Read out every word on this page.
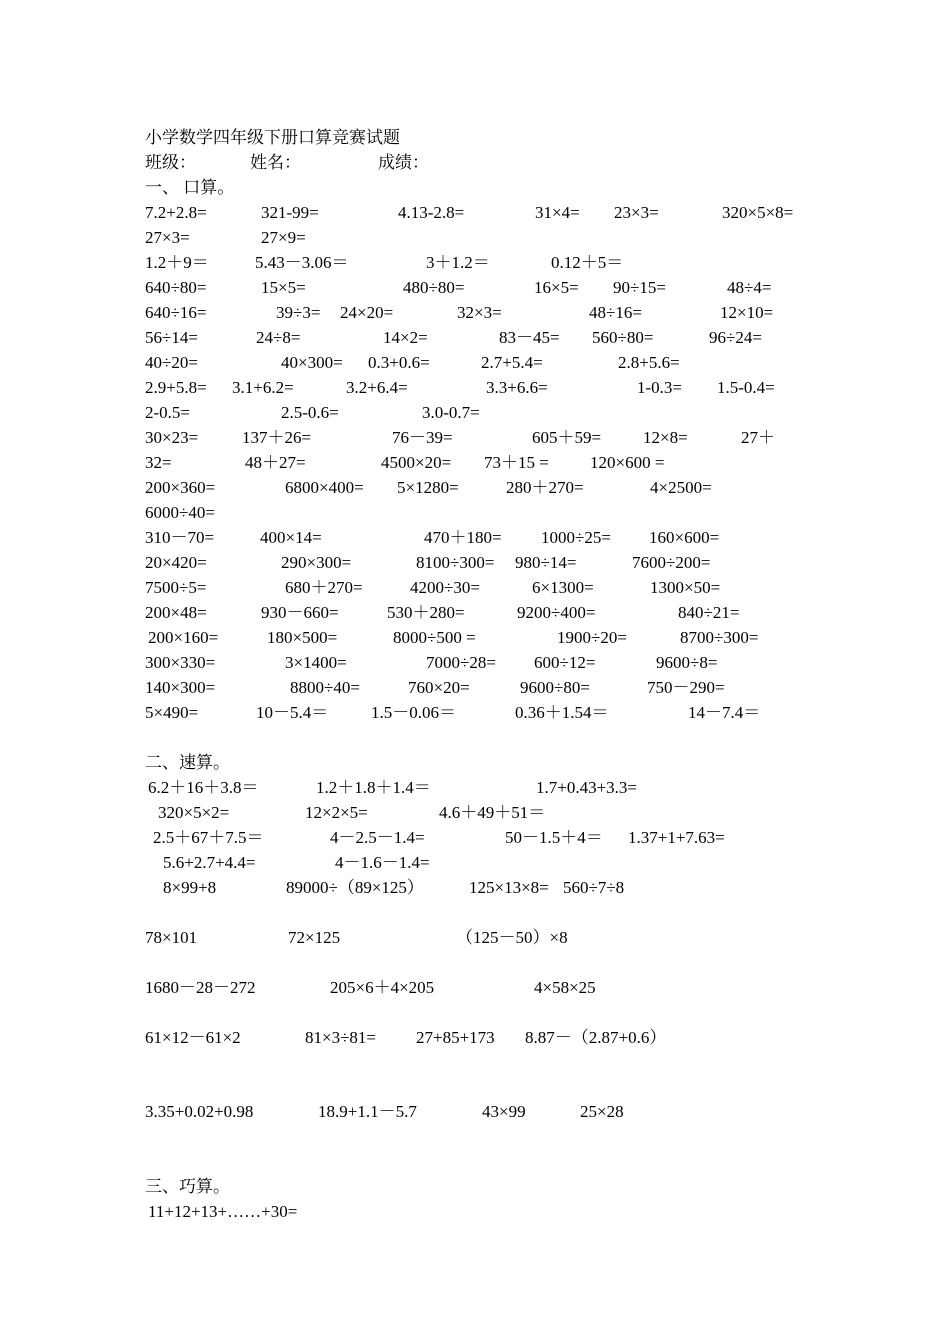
小学数学四年级下册口算竞赛试题
班级：	姓名：	成绩：
一、 口算。
7.2+2.8=	321-99=	4.13-2.8=	31×4= 23×3=	320×5×8=
27×3=	27×9=
1.2＋9＝	5.43－3.06＝	3＋1.2＝	0.12＋5＝
640÷80=	15×5=	480÷80=	16×5= 90÷15=	48÷4=
640÷16=	39÷3= 24×20=	32×3=	48÷16=	12×10=
56÷14=	24÷8=	14×2=	83－45= 560÷80=	96÷24=
40÷20=	40×300= 0.3+0.6=	2.7+5.4=	2.8+5.6=
2.9+5.8= 3.1+6.2=	3.2+6.4=	3.3+6.6=	1-0.3= 1.5-0.4=
2-0.5=	2.5-0.6=	3.0-0.7=
30×23=	137＋26=	76－39=	605＋59= 12×8=	27＋
32=	48＋27=	4500×20= 73＋15 = 120×600 =
200×360=	6800×400= 5×1280=	280＋270=	4×2500=
6000÷40=
310－70=	400×14=	470＋180= 1000÷25= 160×600=
20×420=	290×300=	8100÷300= 980÷14=	7600÷200=
7500÷5=	680＋270=	4200÷30=	6×1300=	1300×50=
200×48=	930－660=	530＋280=	9200÷400=	840÷21=
200×160=	180×500=	8000÷500 =	1900÷20=	8700÷300=
300×330=	3×1400=	7000÷28= 600÷12=	9600÷8=
140×300=	8800÷40=	760×20=	9600÷80=	750－290=
5×490=	10－5.4＝	1.5－0.06＝	0.36＋1.54＝	14－7.4＝
二、速算。
6.2＋16＋3.8＝	1.2＋1.8＋1.4＝	1.7+0.43+3.3=
320×5×2=	12×2×5=	4.6＋49＋51＝
2.5＋67＋7.5＝	4－2.5－1.4=	50－1.5＋4＝ 1.37+1+7.63=
5.6+2.7+4.4=	4－1.6－1.4=
8×99+8	89000÷（89×125）	125×13×8= 560÷7÷8
78×101	72×125	（125－50）×8
1680－28－272	205×6＋4×205	4×58×25
61×12－61×2	81×3÷81= 27+85+173 8.87－（2.87+0.6）
3.35+0.02+0.98	18.9+1.1－5.7	43×99	25×28
三、巧算。
11+12+13+……+30=
